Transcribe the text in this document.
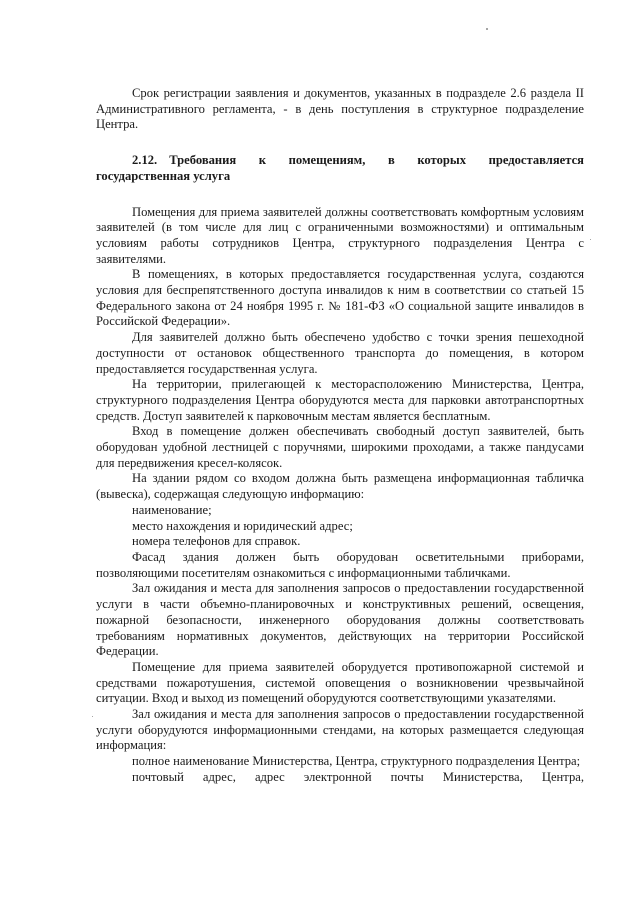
Срок регистрации заявления и документов, указанных в подразделе 2.6 раздела II Административного регламента, - в день поступления в структурное подразделение Центра.

2.12. Требования к помещениям, в которых предоставляется государственная услуга

Помещения для приема заявителей должны соответствовать комфортным условиям заявителей (в том числе для лиц с ограниченными возможностями) и оптимальным условиям работы сотрудников Центра, структурного подразделения Центра с заявителями.

В помещениях, в которых предоставляется государственная услуга, создаются условия для беспрепятственного доступа инвалидов к ним в соответствии со статьей 15 Федерального закона от 24 ноября 1995 г. № 181-ФЗ «О социальной защите инвалидов в Российской Федерации».

Для заявителей должно быть обеспечено удобство с точки зрения пешеходной доступности от остановок общественного транспорта до помещения, в котором предоставляется государственная услуга.

На территории, прилегающей к месторасположению Министерства, Центра, структурного подразделения Центра оборудуются места для парковки автотранспортных средств. Доступ заявителей к парковочным местам является бесплатным.

Вход в помещение должен обеспечивать свободный доступ заявителей, быть оборудован удобной лестницей с поручнями, широкими проходами, а также пандусами для передвижения кресел-колясок.

На здании рядом со входом должна быть размещена информационная табличка (вывеска), содержащая следующую информацию:

наименование;

место нахождения и юридический адрес;

номера телефонов для справок.

Фасад здания должен быть оборудован осветительными приборами, позволяющими посетителям ознакомиться с информационными табличками.

Зал ожидания и места для заполнения запросов о предоставлении государственной услуги в части объемно-планировочных и конструктивных решений, освещения, пожарной безопасности, инженерного оборудования должны соответствовать требованиям нормативных документов, действующих на территории Российской Федерации.

Помещение для приема заявителей оборудуется противопожарной системой и средствами пожаротушения, системой оповещения о возникновении чрезвычайной ситуации. Вход и выход из помещений оборудуются соответствующими указателями.

Зал ожидания и места для заполнения запросов о предоставлении государственной услуги оборудуются информационными стендами, на которых размещается следующая информация:

полное наименование Министерства, Центра, структурного подразделения Центра;

почтовый адрес, адрес электронной почты Министерства, Центра,
